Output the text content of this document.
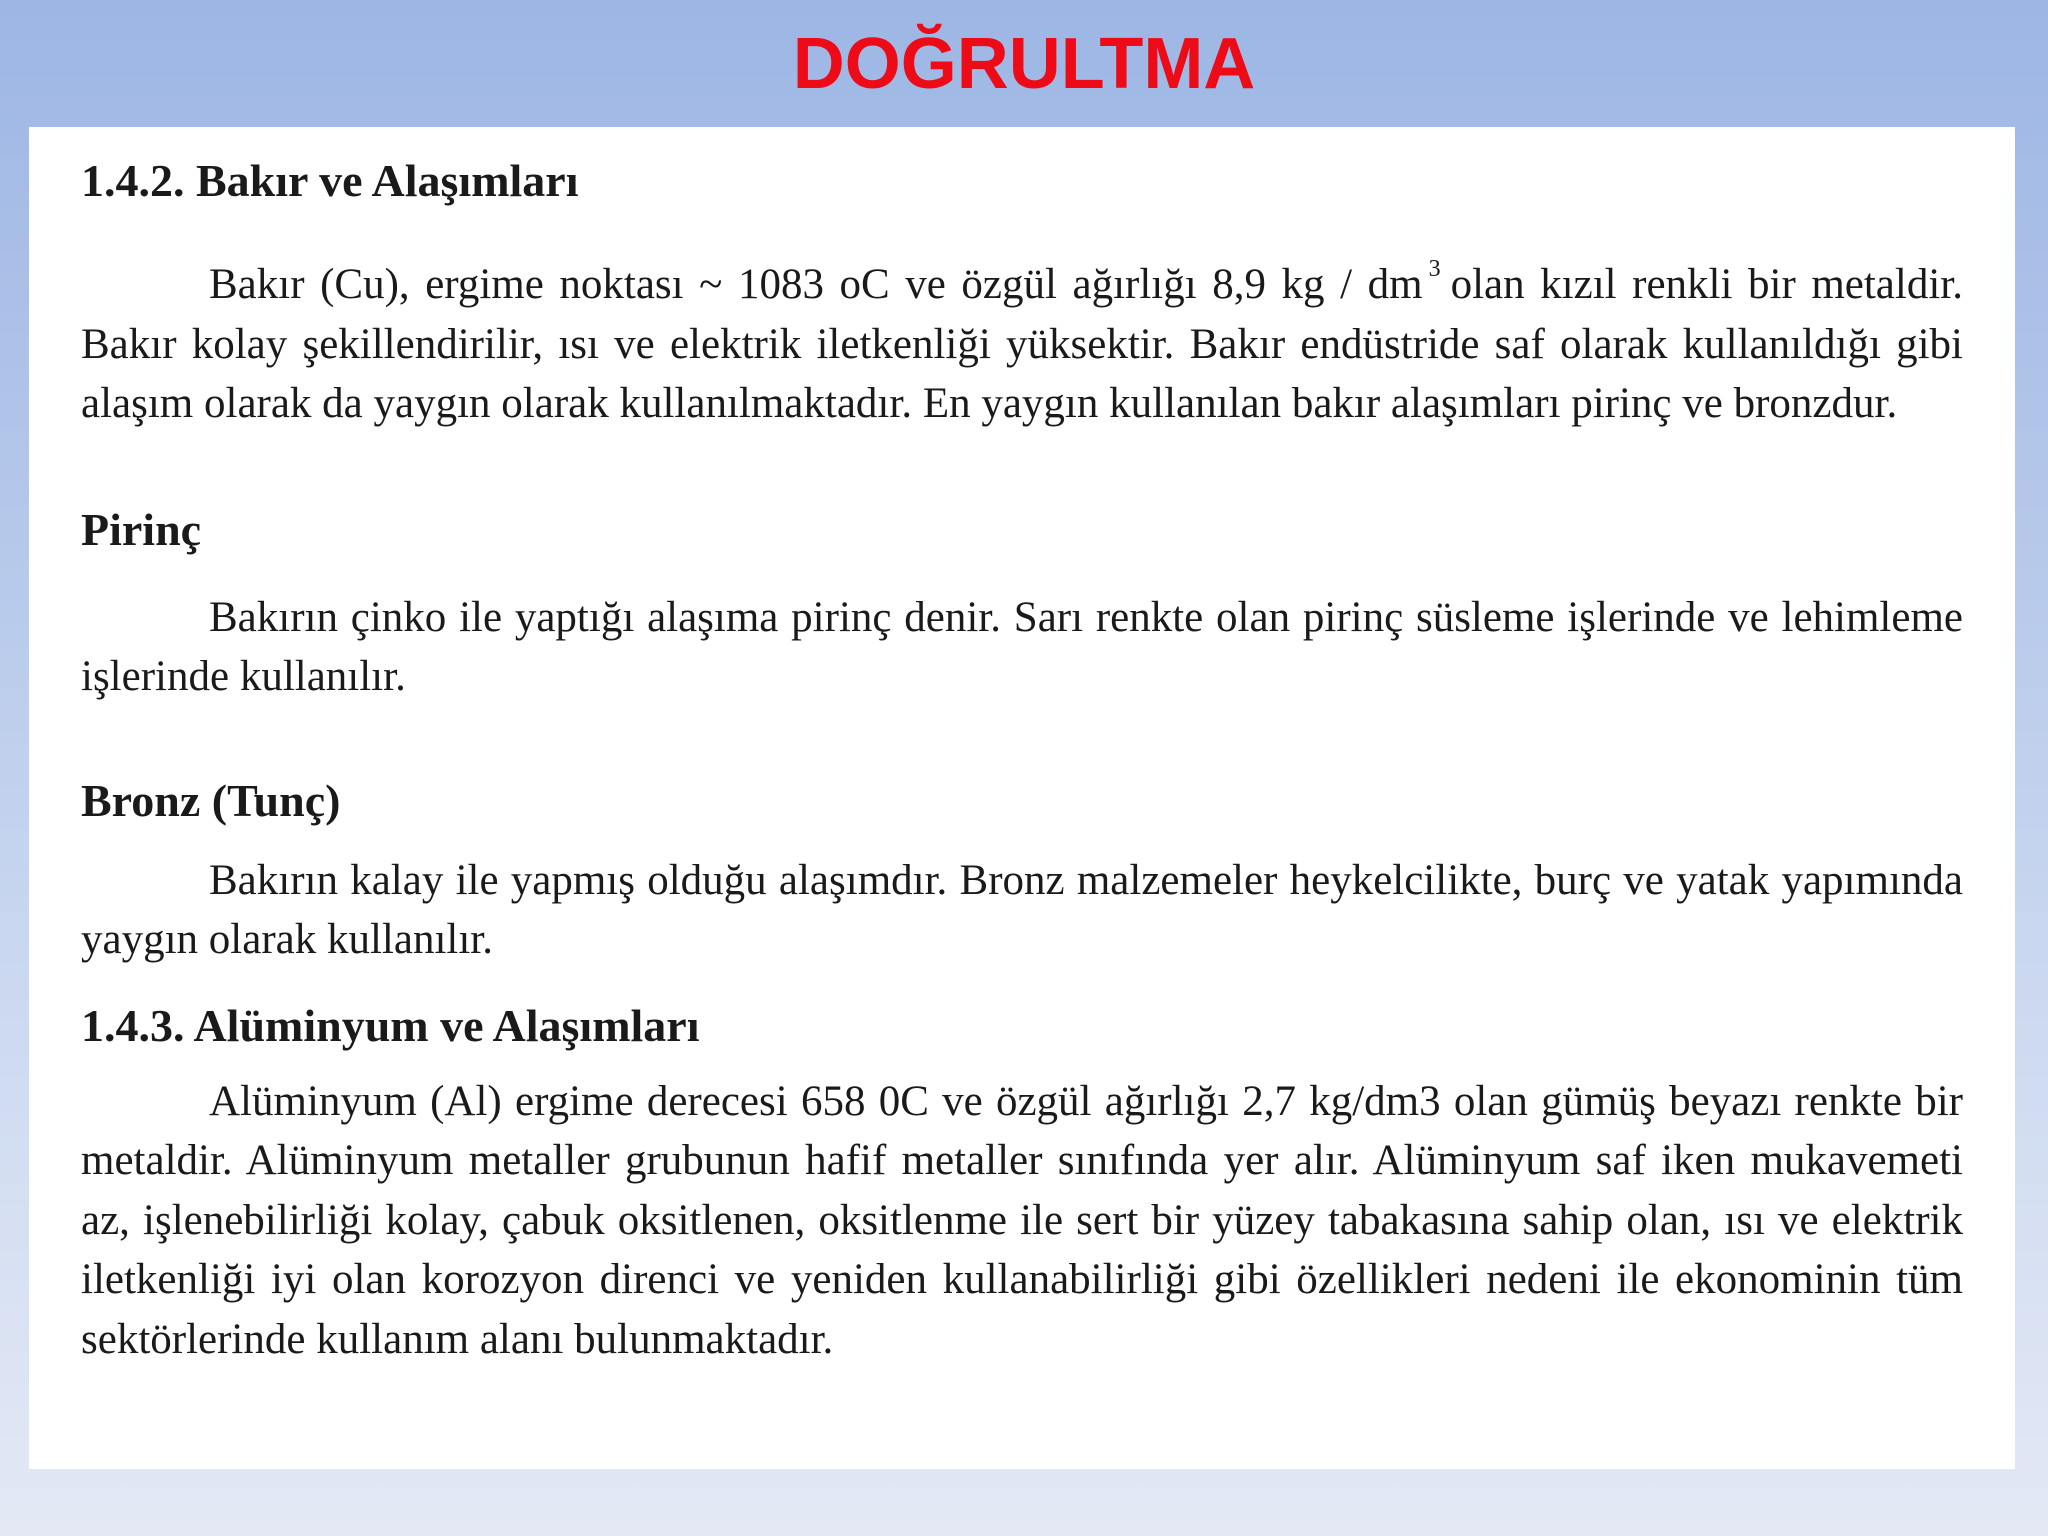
DOĞRULTMA
1.4.2. Bakır ve Alaşımları

Bakır (Cu), ergime noktası ~ 1083 oC ve özgül ağırlığı 8,9 kg / dm $^3$ olan kızıl renkli bir metaldir. Bakır kolay şekillendirilir, ısı ve elektrik iletkenliği yüksektir. Bakır endüstride saf olarak kullanıldığı gibi alaşım olarak da yaygın olarak kullanılmaktadır. En yaygın kullanılan bakır alaşımları pirinç ve bronzdur.

Pirinç

Bakırın çinko ile yaptığı alaşıma pirinç denir. Sarı renkte olan pirinç süsleme işlerinde ve lehimleme işlerinde kullanılır.

Bronz (Tunç)

Bakırın kalay ile yapmış olduğu alaşımdır. Bronz malzemeler heykelcilikte, burç ve yatak yapımında yaygın olarak kullanılır.

1.4.3. Alüminyum ve Alaşımları

Alüminyum (Al) ergime derecesi 658 0C ve özgül ağırlığı 2,7 kg/dm3 olan gümüş beyazı renkte bir metaldir. Alüminyum metaller grubunun hafif metaller sınıfında yer alır. Alüminyum saf iken mukavemeti az, işlenebilirliği kolay, çabuk oksitlenen, oksitlenme ile sert bir yüzey tabakasına sahip olan, ısı ve elektrik iletkenliği iyi olan korozyon direnci ve yeniden kullanabilirliği gibi özellikleri nedeni ile ekonominin tüm sektörlerinde kullanım alanı bulunmaktadır.
